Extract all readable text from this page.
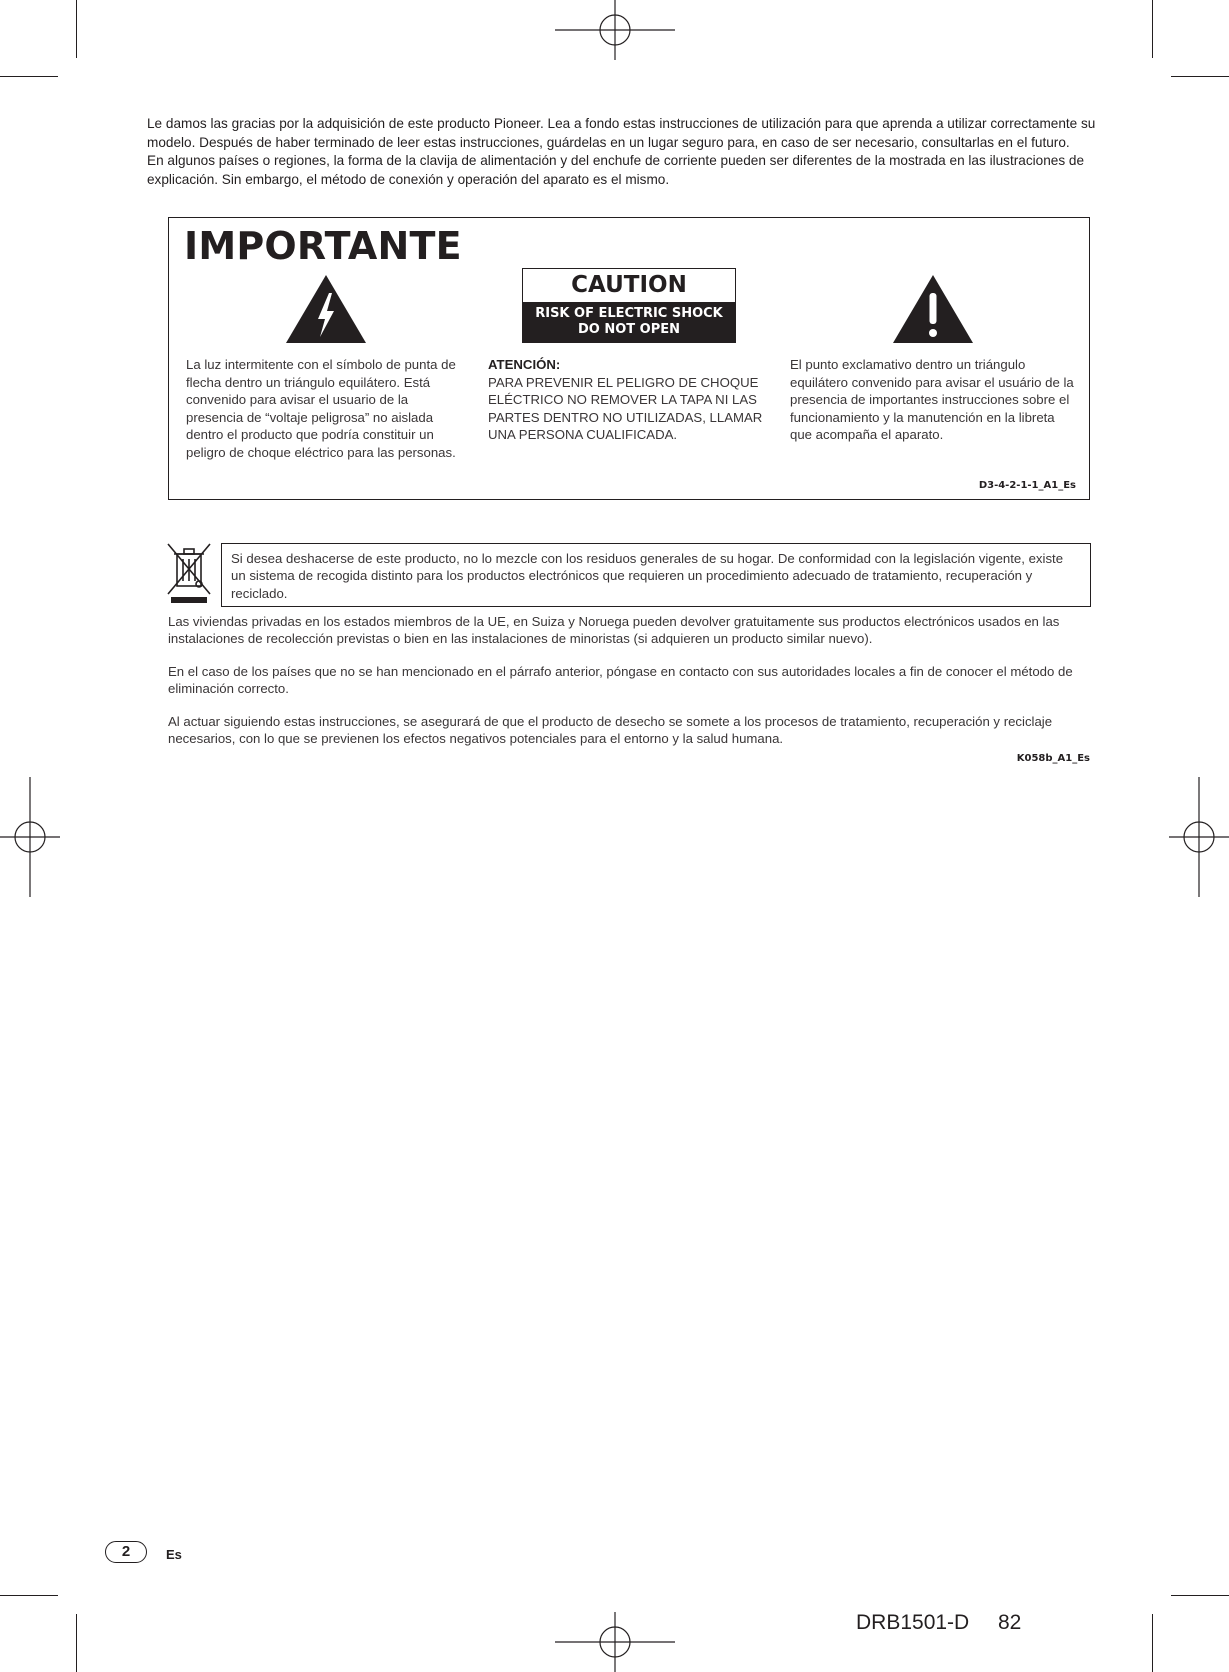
Le damos las gracias por la adquisición de este producto Pioneer. Lea a fondo estas instrucciones de utilización para que aprenda a utilizar correctamente su modelo. Después de haber terminado de leer estas instrucciones, guárdelas en un lugar seguro para, en caso de ser necesario, consultarlas en el futuro.

En algunos países o regiones, la forma de la clavija de alimentación y del enchufe de corriente pueden ser diferentes de la mostrada en las ilustraciones de explicación. Sin embargo, el método de conexión y operación del aparato es el mismo.

IMPORTANTE
CAUTION
RISK OF ELECTRIC SHOCK
DO NOT OPEN
La luz intermitente con el símbolo de punta de flecha dentro un triángulo equilátero. Está convenido para avisar el usuario de la presencia de “voltaje peligrosa” no aislada dentro el producto que podría constituir un peligro de choque eléctrico para las personas.
ATENCIÓN:
PARA PREVENIR EL PELIGRO DE CHOQUE ELÉCTRICO NO REMOVER LA TAPA NI LAS PARTES DENTRO NO UTILIZADAS, LLAMAR UNA PERSONA CUALIFICADA.
El punto exclamativo dentro un triángulo equilátero convenido para avisar el usuário de la presencia de importantes instrucciones sobre el funcionamiento y la manutención en la libreta que acompaña el aparato.
D3-4-2-1-1_A1_Es
Si desea deshacerse de este producto, no lo mezcle con los residuos generales de su hogar. De conformidad con la legislación vigente, existe un sistema de recogida distinto para los productos electrónicos que requieren un procedimiento adecuado de tratamiento, recuperación y reciclado.
Las viviendas privadas en los estados miembros de la UE, en Suiza y Noruega pueden devolver gratuitamente sus productos electrónicos usados en las instalaciones de recolección previstas o bien en las instalaciones de minoristas (si adquieren un producto similar nuevo).
En el caso de los países que no se han mencionado en el párrafo anterior, póngase en contacto con sus autoridades locales a fin de conocer el método de eliminación correcto.
Al actuar siguiendo estas instrucciones, se asegurará de que el producto de desecho se somete a los procesos de tratamiento, recuperación y reciclaje necesarios, con lo que se previenen los efectos negativos potenciales para el entorno y la salud humana.
K058b_A1_Es
2	Es
DRB1501-D 82
